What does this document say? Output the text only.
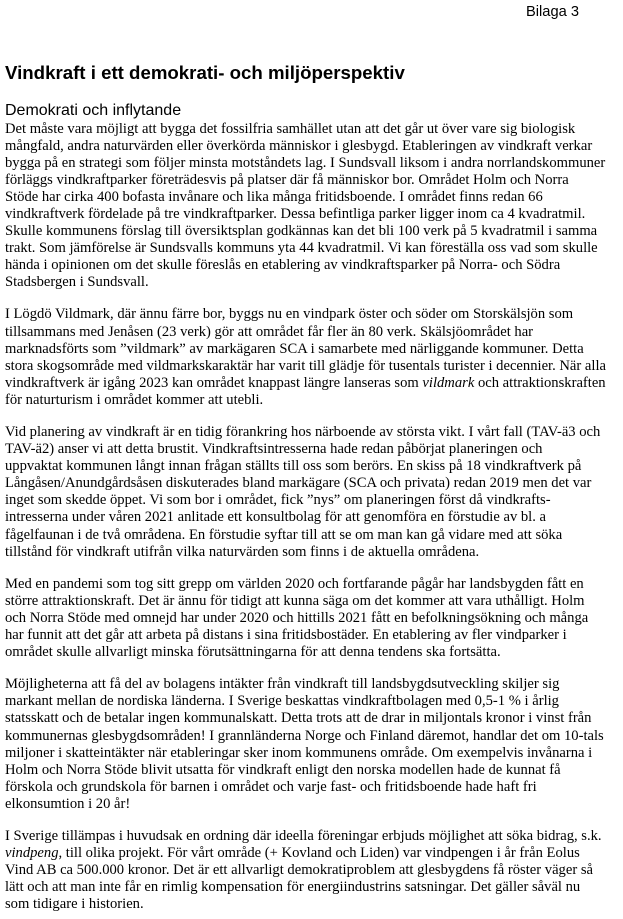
Bilaga 3
Vindkraft i ett demokrati- och miljöperspektiv
Demokrati och inflytande
Det måste vara möjligt att bygga det fossilfria samhället utan att det går ut över vare sig biologisk
mångfald, andra naturvärden eller överkörda människor i glesbygd. Etableringen av vindkraft verkar
bygga på en strategi som följer minsta motståndets lag. I Sundsvall liksom i andra norrlandskommuner
förläggs vindkraftparker företrädesvis på platser där få människor bor. Området Holm och Norra
Stöde har cirka 400 bofasta invånare och lika många fritidsboende. I området finns redan 66
vindkraftverk fördelade på tre vindkraftparker. Dessa befintliga parker ligger inom ca 4 kvadratmil.
Skulle kommunens förslag till översiktsplan godkännas kan det bli 100 verk på 5 kvadratmil i samma
trakt. Som jämförelse är Sundsvalls kommuns yta 44 kvadratmil. Vi kan föreställa oss vad som skulle
hända i opinionen om det skulle föreslås en etablering av vindkraftsparker på Norra- och Södra
Stadsbergen i Sundsvall.
I Lögdö Vildmark, där ännu färre bor, byggs nu en vindpark öster och söder om Storskälsjön som
tillsammans med Jenåsen (23 verk) gör att området får fler än 80 verk. Skälsjöområdet har
marknadsförts som ”vildmark” av markägaren SCA i samarbete med närliggande kommuner. Detta
stora skogsområde med vildmarkskaraktär har varit till glädje för tusentals turister i decennier. När alla
vindkraftverk är igång 2023 kan området knappast längre lanseras som vildmark och attraktionskraften
för naturturism i området kommer att utebli.
Vid planering av vindkraft är en tidig förankring hos närboende av största vikt. I vårt fall (TAV-ä3 och
TAV-ä2) anser vi att detta brustit. Vindkraftsintresserna hade redan påbörjat planeringen och
uppvaktat kommunen långt innan frågan ställts till oss som berörs. En skiss på 18 vindkraftverk på
Långåsen/Anundgårdsåsen diskuterades bland markägare (SCA och privata) redan 2019 men det var
inget som skedde öppet. Vi som bor i området, fick ”nys” om planeringen först då vindkrafts-
intresserna under våren 2021 anlitade ett konsultbolag för att genomföra en förstudie av bl. a
fågelfaunan i de två områdena. En förstudie syftar till att se om man kan gå vidare med att söka
tillstånd för vindkraft utifrån vilka naturvärden som finns i de aktuella områdena.
Med en pandemi som tog sitt grepp om världen 2020 och fortfarande pågår har landsbygden fått en
större attraktionskraft. Det är ännu för tidigt att kunna säga om det kommer att vara uthålligt. Holm
och Norra Stöde med omnejd har under 2020 och hittills 2021 fått en befolkningsökning och många
har funnit att det går att arbeta på distans i sina fritidsbostäder. En etablering av fler vindparker i
området skulle allvarligt minska förutsättningarna för att denna tendens ska fortsätta.
Möjligheterna att få del av bolagens intäkter från vindkraft till landsbygdsutveckling skiljer sig
markant mellan de nordiska länderna. I Sverige beskattas vindkraftbolagen med 0,5-1 % i årlig
statsskatt och de betalar ingen kommunalskatt. Detta trots att de drar in miljontals kronor i vinst från
kommunernas glesbygdsområden! I grannländerna Norge och Finland däremot, handlar det om 10-tals
miljoner i skatteintäkter när etableringar sker inom kommunens område. Om exempelvis invånarna i
Holm och Norra Stöde blivit utsatta för vindkraft enligt den norska modellen hade de kunnat få
förskola och grundskola för barnen i området och varje fast- och fritidsboende hade haft fri
elkonsumtion i 20 år!
I Sverige tillämpas i huvudsak en ordning där ideella föreningar erbjuds möjlighet att söka bidrag, s.k.
vindpeng, till olika projekt. För vårt område (+ Kovland och Liden) var vindpengen i år från Eolus
Vind AB ca 500.000 kronor. Det är ett allvarligt demokratiproblem att glesbygdens få röster väger så
lätt och att man inte får en rimlig kompensation för energiindustrins satsningar. Det gäller såväl nu
som tidigare i historien.
